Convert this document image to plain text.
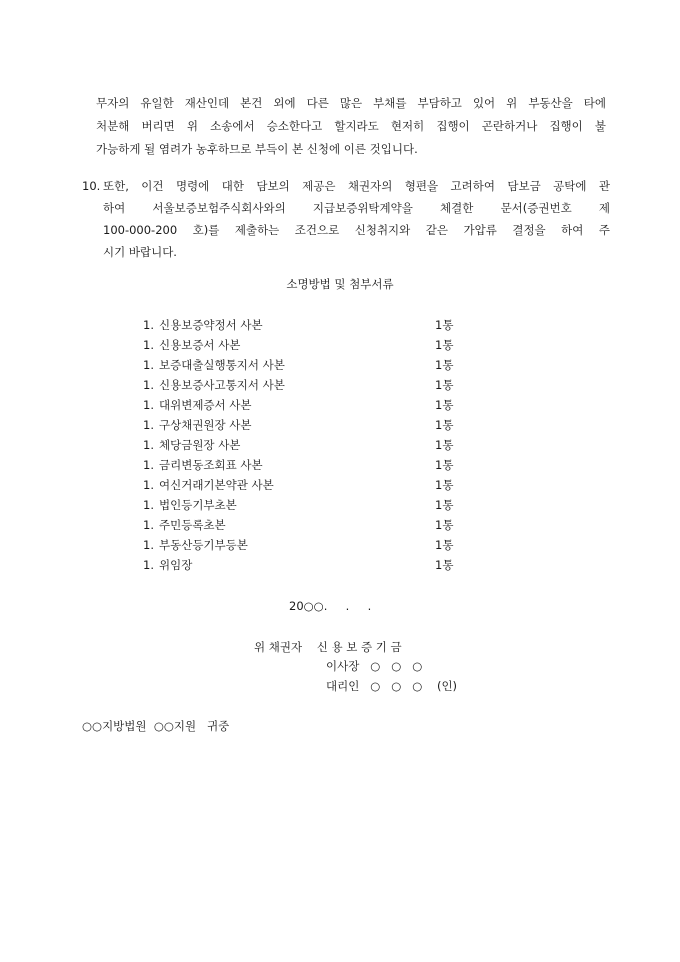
무자의 유일한 재산인데 본건 외에 다른 많은 부채를 부담하고 있어 위 부동산을 타에
처분해 버리면 위 소송에서 승소한다고 할지라도 현저히 집행이 곤란하거나 집행이 불
가능하게 될 염려가 농후하므로 부득이 본 신청에 이른 것입니다.
10. 또한, 이건 명령에 대한 담보의 제공은 채권자의 형편을 고려하여 담보금 공탁에 관
하여 서울보증보험주식회사와의 지급보증위탁계약을 체결한 문서(증권번호 제
100-000-200 호)를 제출하는 조건으로 신청취지와 같은 가압류 결정을 하여 주
시기 바랍니다.
소명방법 및 첨부서류
1. 신용보증약정서 사본	1통
1. 신용보증서 사본	1통
1. 보증대출실행통지서 사본	1통
1. 신용보증사고통지서 사본	1통
1. 대위변제증서 사본	1통
1. 구상채권원장 사본	1통
1. 체당금원장 사본	1통
1. 금리변동조회표 사본	1통
1. 여신거래기본약관 사본	1통
1. 법인등기부초본	1통
1. 주민등록초본	1통
1. 부동산등기부등본	1통
1. 위임장	1통
20○○.     .     .
위 채권자    신 용 보 증 기 금
이사장   ○   ○   ○
대리인   ○   ○   ○    (인)
○○지방법원  ○○지원   귀중
